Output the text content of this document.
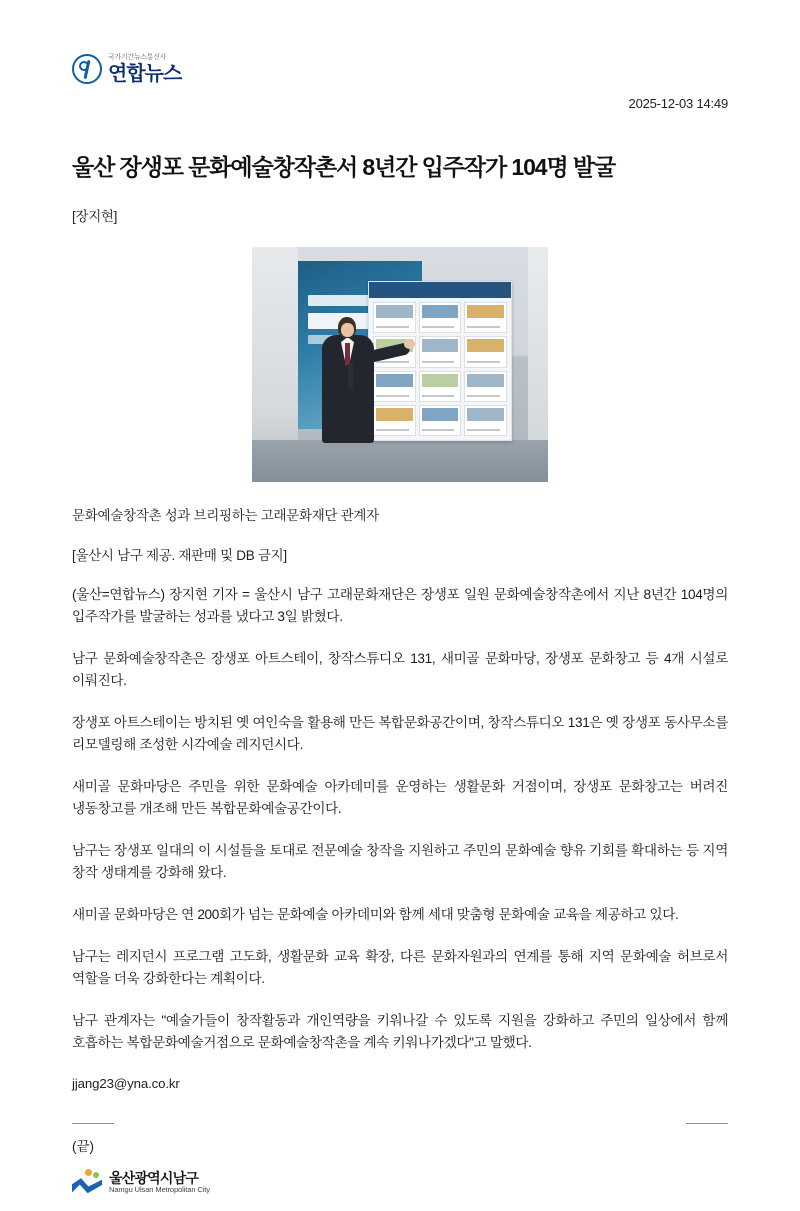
국가기간뉴스통신사
연합뉴스
2025-12-03 14:49
울산 장생포 문화예술창작촌서 8년간 입주작가 104명 발굴
[장지현]
문화예술창작촌 성과 브리핑하는 고래문화재단 관계자
[울산시 남구 제공. 재판매 및 DB 금지]

(울산=연합뉴스) 장지현 기자 = 울산시 남구 고래문화재단은 장생포 일원 문화예술창작촌에서 지난 8년간 104명의 입주작가를 발굴하는 성과를 냈다고 3일 밝혔다.

남구 문화예술창작촌은 장생포 아트스테이, 창작스튜디오 131, 새미골 문화마당, 장생포 문화창고 등 4개 시설로 이뤄진다.

장생포 아트스테이는 방치된 옛 여인숙을 활용해 만든 복합문화공간이며, 창작스튜디오 131은 옛 장생포 동사무소를 리모델링해 조성한 시각예술 레지던시다.

새미골 문화마당은 주민을 위한 문화예술 아카데미를 운영하는 생활문화 거점이며, 장생포 문화창고는 버려진 냉동창고를 개조해 만든 복합문화예술공간이다.

남구는 장생포 일대의 이 시설들을 토대로 전문예술 창작을 지원하고 주민의 문화예술 향유 기회를 확대하는 등 지역 창작 생태계를 강화해 왔다.

새미골 문화마당은 연 200회가 넘는 문화예술 아카데미와 함께 세대 맞춤형 문화예술 교육을 제공하고 있다.

남구는 레지던시 프로그램 고도화, 생활문화 교육 확장, 다른 문화자원과의 연계를 통해 지역 문화예술 허브로서 역할을 더욱 강화한다는 계획이다.

남구 관계자는 "예술가들이 창작활동과 개인역량을 키워나갈 수 있도록 지원을 강화하고 주민의 일상에서 함께 호흡하는 복합문화예술거점으로 문화예술창작촌을 계속 키워나가겠다"고 말했다.

jjang23@yna.co.kr
(끝)
울산광역시남구
Namgu Ulsan Metropolitan City
